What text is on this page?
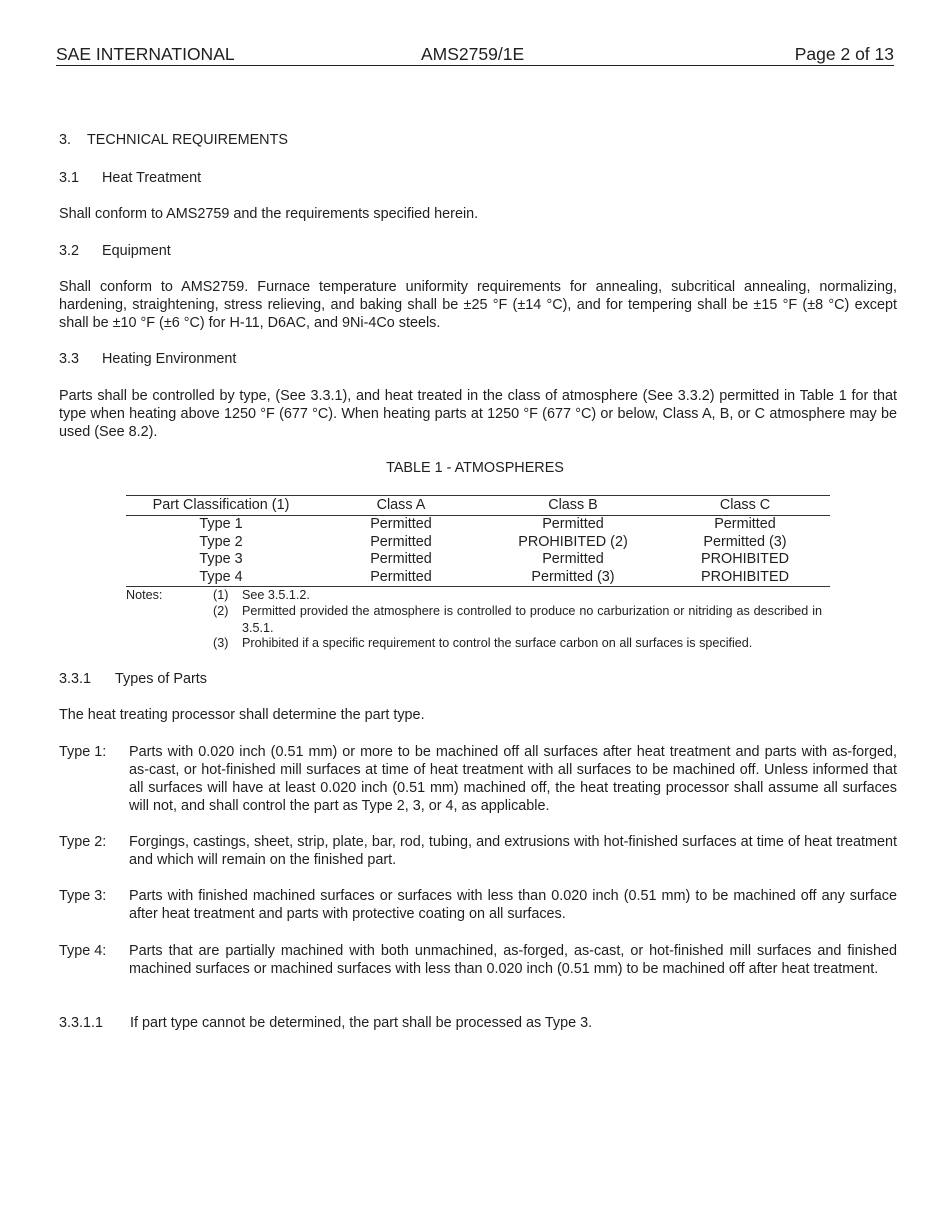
SAE INTERNATIONAL	AMS2759/1E	Page 2 of 13

3. TECHNICAL REQUIREMENTS

3.1 Heat Treatment

Shall conform to AMS2759 and the requirements specified herein.

3.2 Equipment

Shall conform to AMS2759. Furnace temperature uniformity requirements for annealing, subcritical annealing, normalizing, hardening, straightening, stress relieving, and baking shall be ±25 °F (±14 °C), and for tempering shall be ±15 °F (±8 °C) except shall be ±10 °F (±6 °C) for H-11, D6AC, and 9Ni-4Co steels.

3.3 Heating Environment

Parts shall be controlled by type, (See 3.3.1), and heat treated in the class of atmosphere (See 3.3.2) permitted in Table 1 for that type when heating above 1250 °F (677 °C). When heating parts at 1250 °F (677 °C) or below, Class A, B, or C atmosphere may be used (See 8.2).

TABLE 1 - ATMOSPHERES

Part Classification (1)	Class A	Class B	Class C
Type 1	Permitted	Permitted	Permitted
Type 2	Permitted	PROHIBITED (2)	Permitted (3)
Type 3	Permitted	Permitted	PROHIBITED
Type 4	Permitted	Permitted (3)	PROHIBITED
Notes:	(1) See 3.5.1.2.
(2) Permitted provided the atmosphere is controlled to produce no carburization or nitriding as described in 3.5.1.
(3) Prohibited if a specific requirement to control the surface carbon on all surfaces is specified.

3.3.1 Types of Parts

The heat treating processor shall determine the part type.

Type 1: Parts with 0.020 inch (0.51 mm) or more to be machined off all surfaces after heat treatment and parts with as-forged, as-cast, or hot-finished mill surfaces at time of heat treatment with all surfaces to be machined off. Unless informed that all surfaces will have at least 0.020 inch (0.51 mm) machined off, the heat treating processor shall assume all surfaces will not, and shall control the part as Type 2, 3, or 4, as applicable.
Type 2: Forgings, castings, sheet, strip, plate, bar, rod, tubing, and extrusions with hot-finished surfaces at time of heat treatment and which will remain on the finished part.
Type 3: Parts with finished machined surfaces or surfaces with less than 0.020 inch (0.51 mm) to be machined off any surface after heat treatment and parts with protective coating on all surfaces.
Type 4: Parts that are partially machined with both unmachined, as-forged, as-cast, or hot-finished mill surfaces and finished machined surfaces or machined surfaces with less than 0.020 inch (0.51 mm) to be machined off after heat treatment.
3.3.1.1 If part type cannot be determined, the part shall be processed as Type 3.
